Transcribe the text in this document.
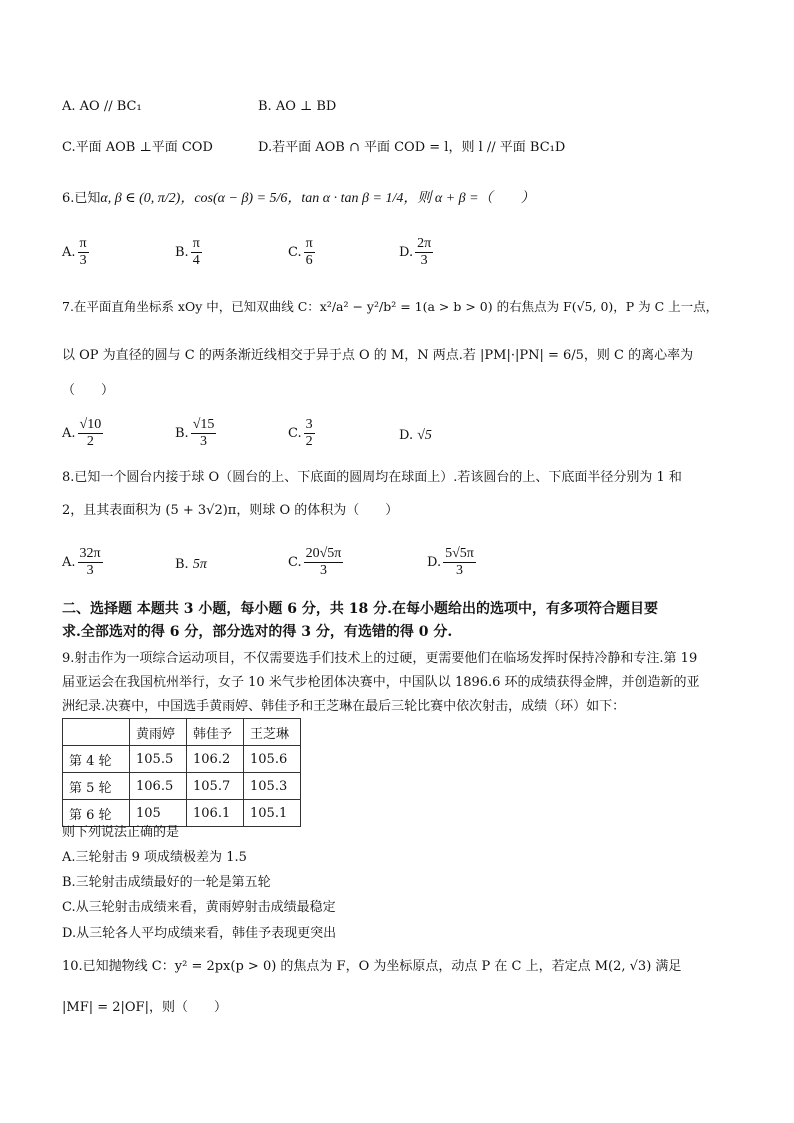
A. AO // BC₁	B. AO ⊥ BD
C.平面 AOB ⊥平面 COD	D.若平面 AOB ∩ 平面 COD = l，则 l // 平面 BC₁D
6.已知α, β ∈ (0, π/2)，cos(α − β) = 5/6，tan α · tan β = 1/4，则 α + β =（　　）
A. $\frac{\pi}{3}$	B. $\frac{\pi}{4}$	C. $\frac{\pi}{6}$	D. $\frac{2\pi}{3}$
7.在平面直角坐标系 xOy 中，已知双曲线 C：x²/a² − y²/b² = 1(a > b > 0) 的右焦点为 F(√5, 0)，P 为 C 上一点，
以 OP 为直径的圆与 C 的两条渐近线相交于异于点 O 的 M，N 两点.若 |PM|·|PN| = 6/5，则 C 的离心率为
（　　）
A. $\frac{√10}{2}$	B. $\frac{√15}{3}$	C. $\frac{3}{2}$	D. √5
8.已知一个圆台内接于球 O（圆台的上、下底面的圆周均在球面上）.若该圆台的上、下底面半径分别为 1 和
2，且其表面积为 (5 + 3√2)π，则球 O 的体积为（　　）
A. $\frac{32\pi}{3}$	B. 5π	C. $\frac{20√5\pi}{3}$	D. $\frac{5√5\pi}{3}$
二、选择题 本题共 3 小题，每小题 6 分，共 18 分.在每小题给出的选项中，有多项符合题目要
求.全部选对的得 6 分，部分选对的得 3 分，有选错的得 0 分.
9.射击作为一项综合运动项目，不仅需要选手们技术上的过硬，更需要他们在临场发挥时保持冷静和专注.第 19
届亚运会在我国杭州举行，女子 10 米气步枪团体决赛中，中国队以 1896.6 环的成绩获得金牌，并创造新的亚
洲纪录.决赛中，中国选手黄雨婷、韩佳予和王芝琳在最后三轮比赛中依次射击，成绩（环）如下：
	黄雨婷	韩佳予	王芝琳
第 4 轮	105.5	106.2	105.6
第 5 轮	106.5	105.7	105.3
第 6 轮	105	106.1	105.1
则下列说法正确的是
A.三轮射击 9 项成绩极差为 1.5
B.三轮射击成绩最好的一轮是第五轮
C.从三轮射击成绩来看，黄雨婷射击成绩最稳定
D.从三轮各人平均成绩来看，韩佳予表现更突出
10.已知抛物线 C：y² = 2px(p > 0) 的焦点为 F，O 为坐标原点，动点 P 在 C 上，若定点 M(2, √3) 满足
|MF| = 2|OF|，则（　　）
